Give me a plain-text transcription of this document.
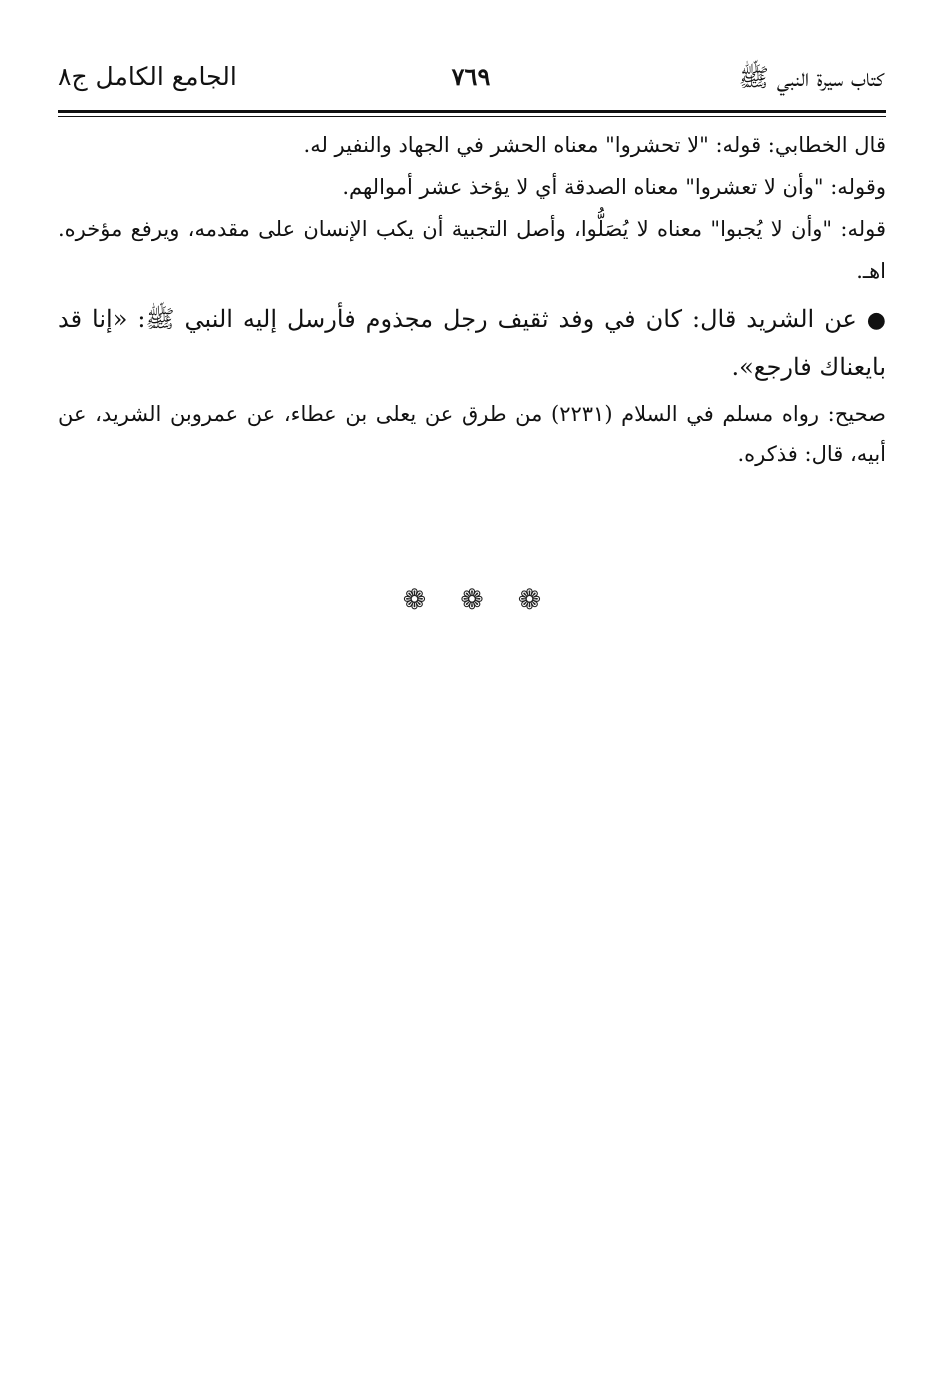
كتاب سيرة النبي ﷺ
٧٦٩
الجامع الكامل ج٨

قال الخطابي: قوله: "لا تحشروا" معناه الحشر في الجهاد والنفير له.

وقوله: "وأن لا تعشروا" معناه الصدقة أي لا يؤخذ عشر أموالهم.

قوله: "وأن لا يُجبوا" معناه لا يُصَلُّوا، وأصل التجبية أن يكب الإنسان على مقدمه، ويرفع مؤخره. اهـ.

●عن الشريد قال: كان في وفد ثقيف رجل مجذوم فأرسل إليه النبي ﷺ: «إنا قد بايعناك فارجع».

صحيح: رواه مسلم في السلام (٢٢٣١) من طرق عن يعلى بن عطاء، عن عمروبن الشريد، عن أبيه، قال: فذكره.

❁ ❁ ❁
